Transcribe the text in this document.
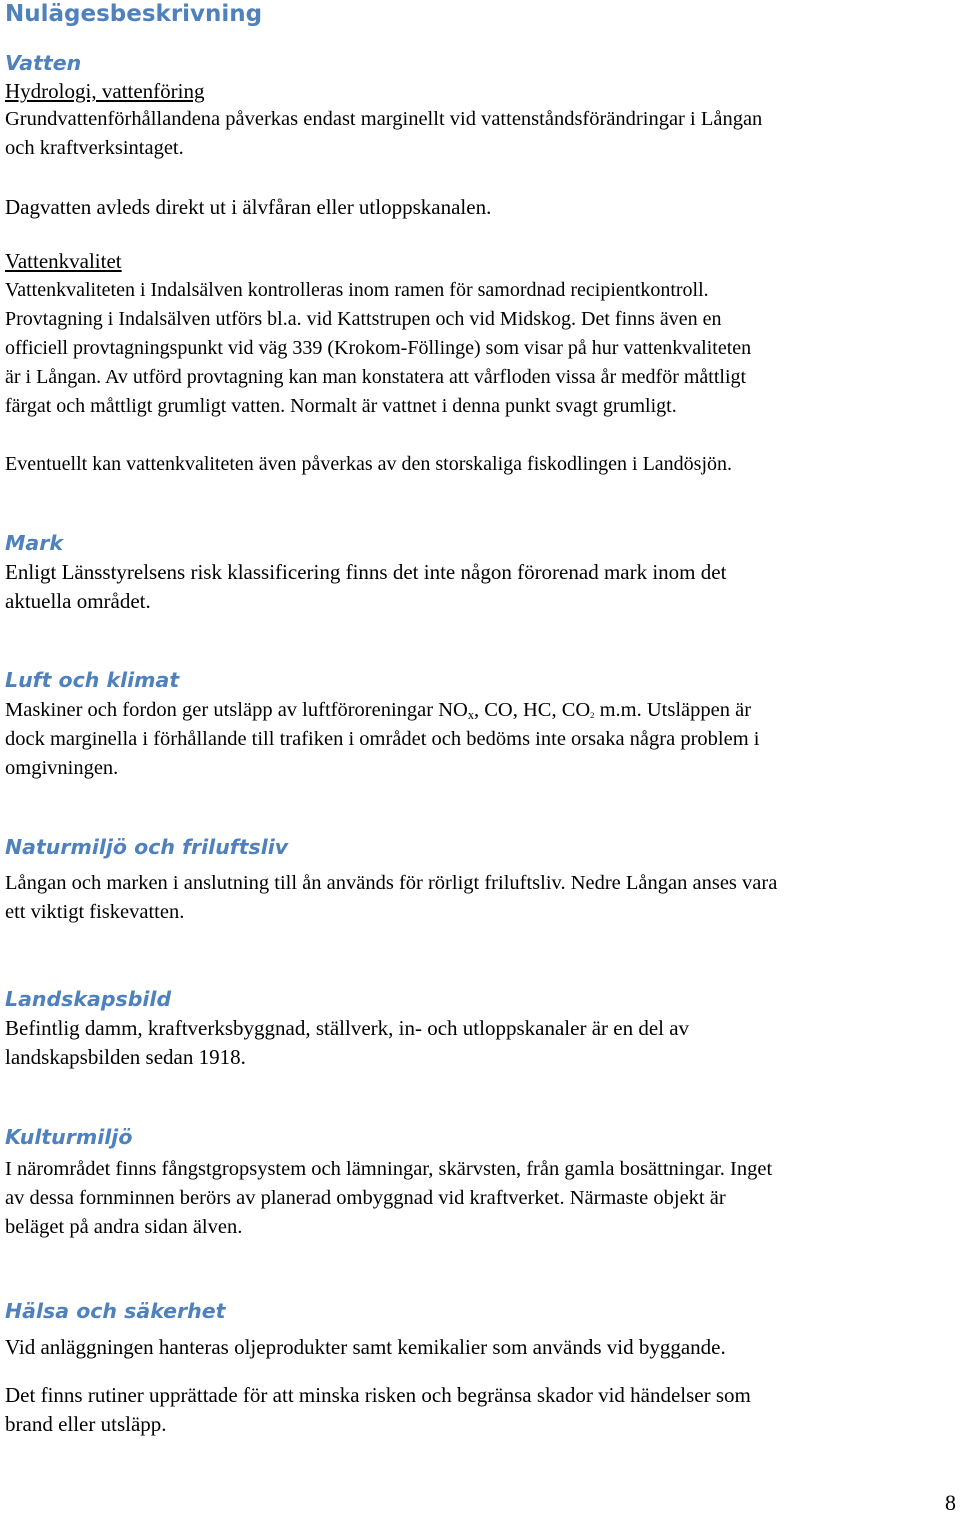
Nulägesbeskrivning
Vatten
Hydrologi, vattenföring
Grundvattenförhållandena påverkas endast marginellt vid vattenståndsförändringar i Långan
och kraftverksintaget.
Dagvatten avleds direkt ut i älvfåran eller utloppskanalen.
Vattenkvalitet
Vattenkvaliteten i Indalsälven kontrolleras inom ramen för samordnad recipientkontroll.
Provtagning i Indalsälven utförs bl.a. vid Kattstrupen och vid Midskog. Det finns även en
officiell provtagningspunkt vid väg 339 (Krokom-Föllinge) som visar på hur vattenkvaliteten
är i Långan. Av utförd provtagning kan man konstatera att vårfloden vissa år medför måttligt
färgat och måttligt grumligt vatten. Normalt är vattnet i denna punkt svagt grumligt.
Eventuellt kan vattenkvaliteten även påverkas av den storskaliga fiskodlingen i Landösjön.
Mark
Enligt Länsstyrelsens risk klassificering finns det inte någon förorenad mark inom det
aktuella området.
Luft och klimat
Maskiner och fordon ger utsläpp av luftföroreningar $NO_x$, CO, HC, $CO_2$ m.m. Utsläppen är
dock marginella i förhållande till trafiken i området och bedöms inte orsaka några problem i
omgivningen.
Naturmiljö och friluftsliv
Långan och marken i anslutning till ån används för rörligt friluftsliv. Nedre Långan anses vara
ett viktigt fiskevatten.
Landskapsbild
Befintlig damm, kraftverksbyggnad, ställverk, in- och utloppskanaler är en del av
landskapsbilden sedan 1918.
Kulturmiljö
I närområdet finns fångstgropsystem och lämningar, skärvsten, från gamla bosättningar. Inget
av dessa fornminnen berörs av planerad ombyggnad vid kraftverket. Närmaste objekt är
beläget på andra sidan älven.
Hälsa och säkerhet
Vid anläggningen hanteras oljeprodukter samt kemikalier som används vid byggande.
Det finns rutiner upprättade för att minska risken och begränsa skador vid händelser som
brand eller utsläpp.
8
